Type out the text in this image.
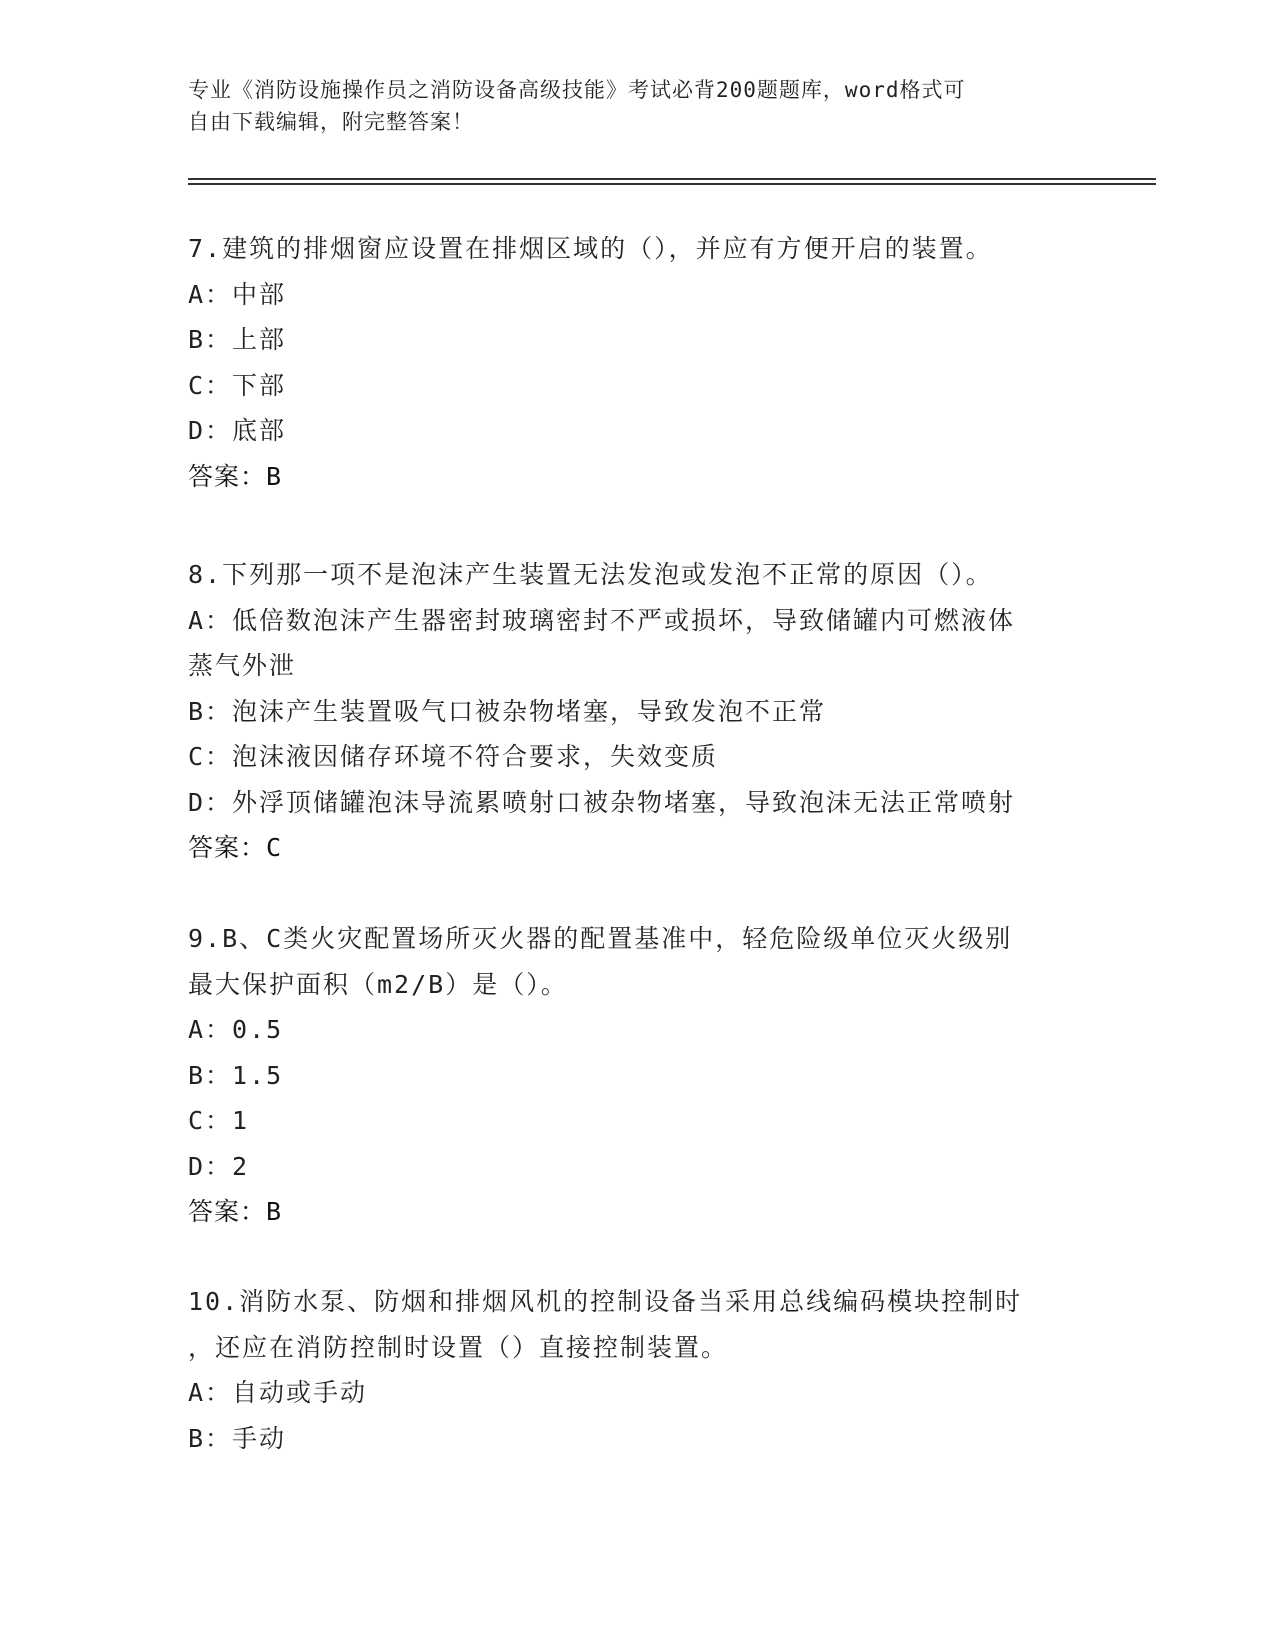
专业《消防设施操作员之消防设备高级技能》考试必背200题题库，word格式可
自由下载编辑，附完整答案！
7.建筑的排烟窗应设置在排烟区域的（），并应有方便开启的装置。
A：中部
B：上部
C：下部
D：底部
答案：B
8.下列那一项不是泡沫产生装置无法发泡或发泡不正常的原因（）。
A：低倍数泡沫产生器密封玻璃密封不严或损坏，导致储罐内可燃液体
蒸气外泄
B：泡沫产生装置吸气口被杂物堵塞，导致发泡不正常
C：泡沫液因储存环境不符合要求，失效变质
D：外浮顶储罐泡沫导流累喷射口被杂物堵塞，导致泡沫无法正常喷射
答案：C
9.B、C类火灾配置场所灭火器的配置基准中，轻危险级单位灭火级别
最大保护面积（m2/B）是（）。
A：0.5
B：1.5
C：1
D：2
答案：B
10.消防水泵、防烟和排烟风机的控制设备当采用总线编码模块控制时
，还应在消防控制时设置（）直接控制装置。
A：自动或手动
B：手动
